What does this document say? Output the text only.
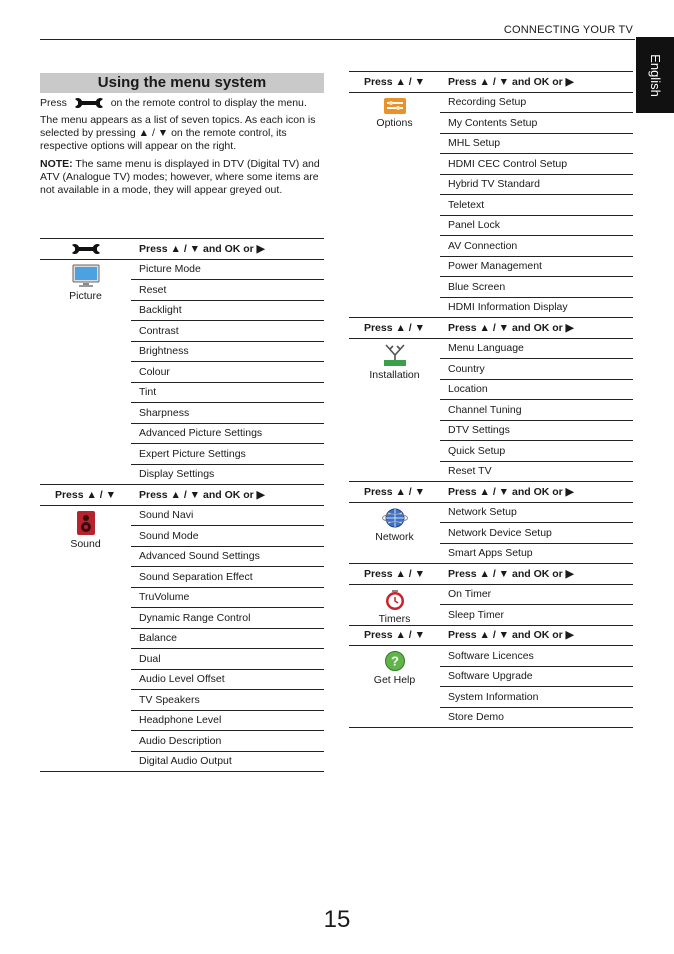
CONNECTING YOUR TV
English
Using the menu system
Press	on the remote control to display the menu.
The menu appears as a list of seven topics. As each icon is selected by pressing ▲ / ▼ on the remote control, its respective options will appear on the right.
NOTE: The same menu is displayed in DTV (Digital TV) and ATV (Analogue TV) modes; however, where some items are not available in a mode, they will appear greyed out.
	Press ▲ / ▼ and OK or ▶

Picture	Picture Mode
	Reset
	Backlight
	Contrast
	Brightness
	Colour
	Tint
	Sharpness
	Advanced Picture Settings
	Expert Picture Settings
	Display Settings
Press ▲ / ▼	Press ▲ / ▼ and OK or ▶

Sound	Sound Navi
	Sound Mode
	Advanced Sound Settings
	Sound Separation Effect
	TruVolume
	Dynamic Range Control
	Balance
	Dual
	Audio Level Offset
	TV Speakers
	Headphone Level
	Audio Description
	Digital Audio Output
Press ▲ / ▼	Press ▲ / ▼ and OK or ▶

Options	Recording Setup
	My Contents Setup
	MHL Setup
	HDMI CEC Control Setup
	Hybrid TV Standard
	Teletext
	Panel Lock
	AV Connection
	Power Management
	Blue Screen
	HDMI Information Display
Press ▲ / ▼	Press ▲ / ▼ and OK or ▶

Installation	Menu Language
	Country
	Location
	Channel Tuning
	DTV Settings
	Quick Setup
	Reset TV
Press ▲ / ▼	Press ▲ / ▼ and OK or ▶

Network	Network Setup
	Network Device Setup
	Smart Apps Setup
Press ▲ / ▼	Press ▲ / ▼ and OK or ▶

Timers	On Timer
	Sleep Timer
Press ▲ / ▼	Press ▲ / ▼ and OK or ▶

?
Get Help	Software Licences
	Software Upgrade
	System Information
	Store Demo
15
